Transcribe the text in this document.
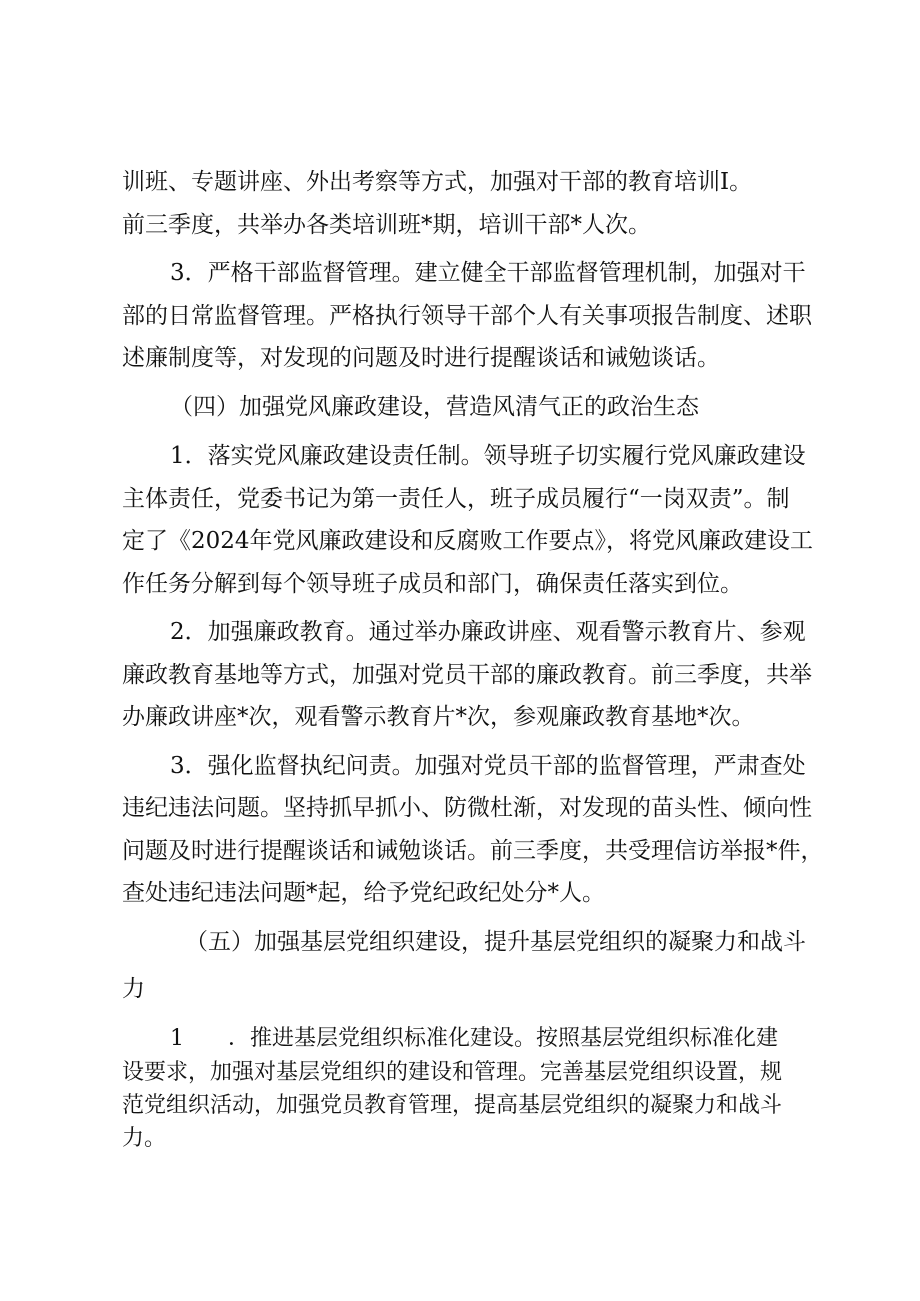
训班、专题讲座、外出考察等方式，加强对干部的教育培训I。
前三季度，共举办各类培训班*期，培训干部*人次。
3．严格干部监督管理。建立健全干部监督管理机制，加强对干
部的日常监督管理。严格执行领导干部个人有关事项报告制度、述职
述廉制度等，对发现的问题及时进行提醒谈话和诫勉谈话。
（四）加强党风廉政建设，营造风清气正的政治生态
1．落实党风廉政建设责任制。领导班子切实履行党风廉政建设
主体责任，党委书记为第一责任人，班子成员履行“一岗双责”。制
定了《2024年党风廉政建设和反腐败工作要点》，将党风廉政建设工
作任务分解到每个领导班子成员和部门，确保责任落实到位。
2．加强廉政教育。通过举办廉政讲座、观看警示教育片、参观
廉政教育基地等方式，加强对党员干部的廉政教育。前三季度，共举
办廉政讲座*次，观看警示教育片*次，参观廉政教育基地*次。
3．强化监督执纪问责。加强对党员干部的监督管理，严肃查处
违纪违法问题。坚持抓早抓小、防微杜渐，对发现的苗头性、倾向性
问题及时进行提醒谈话和诫勉谈话。前三季度，共受理信访举报*件，
查处违纪违法问题*起，给予党纪政纪处分*人。
（五）加强基层党组织建设，提升基层党组织的凝聚力和战斗
力
1 ．推进基层党组织标准化建设。按照基层党组织标准化建
设要求，加强对基层党组织的建设和管理。完善基层党组织设置，规
范党组织活动，加强党员教育管理，提高基层党组织的凝聚力和战斗
力。
